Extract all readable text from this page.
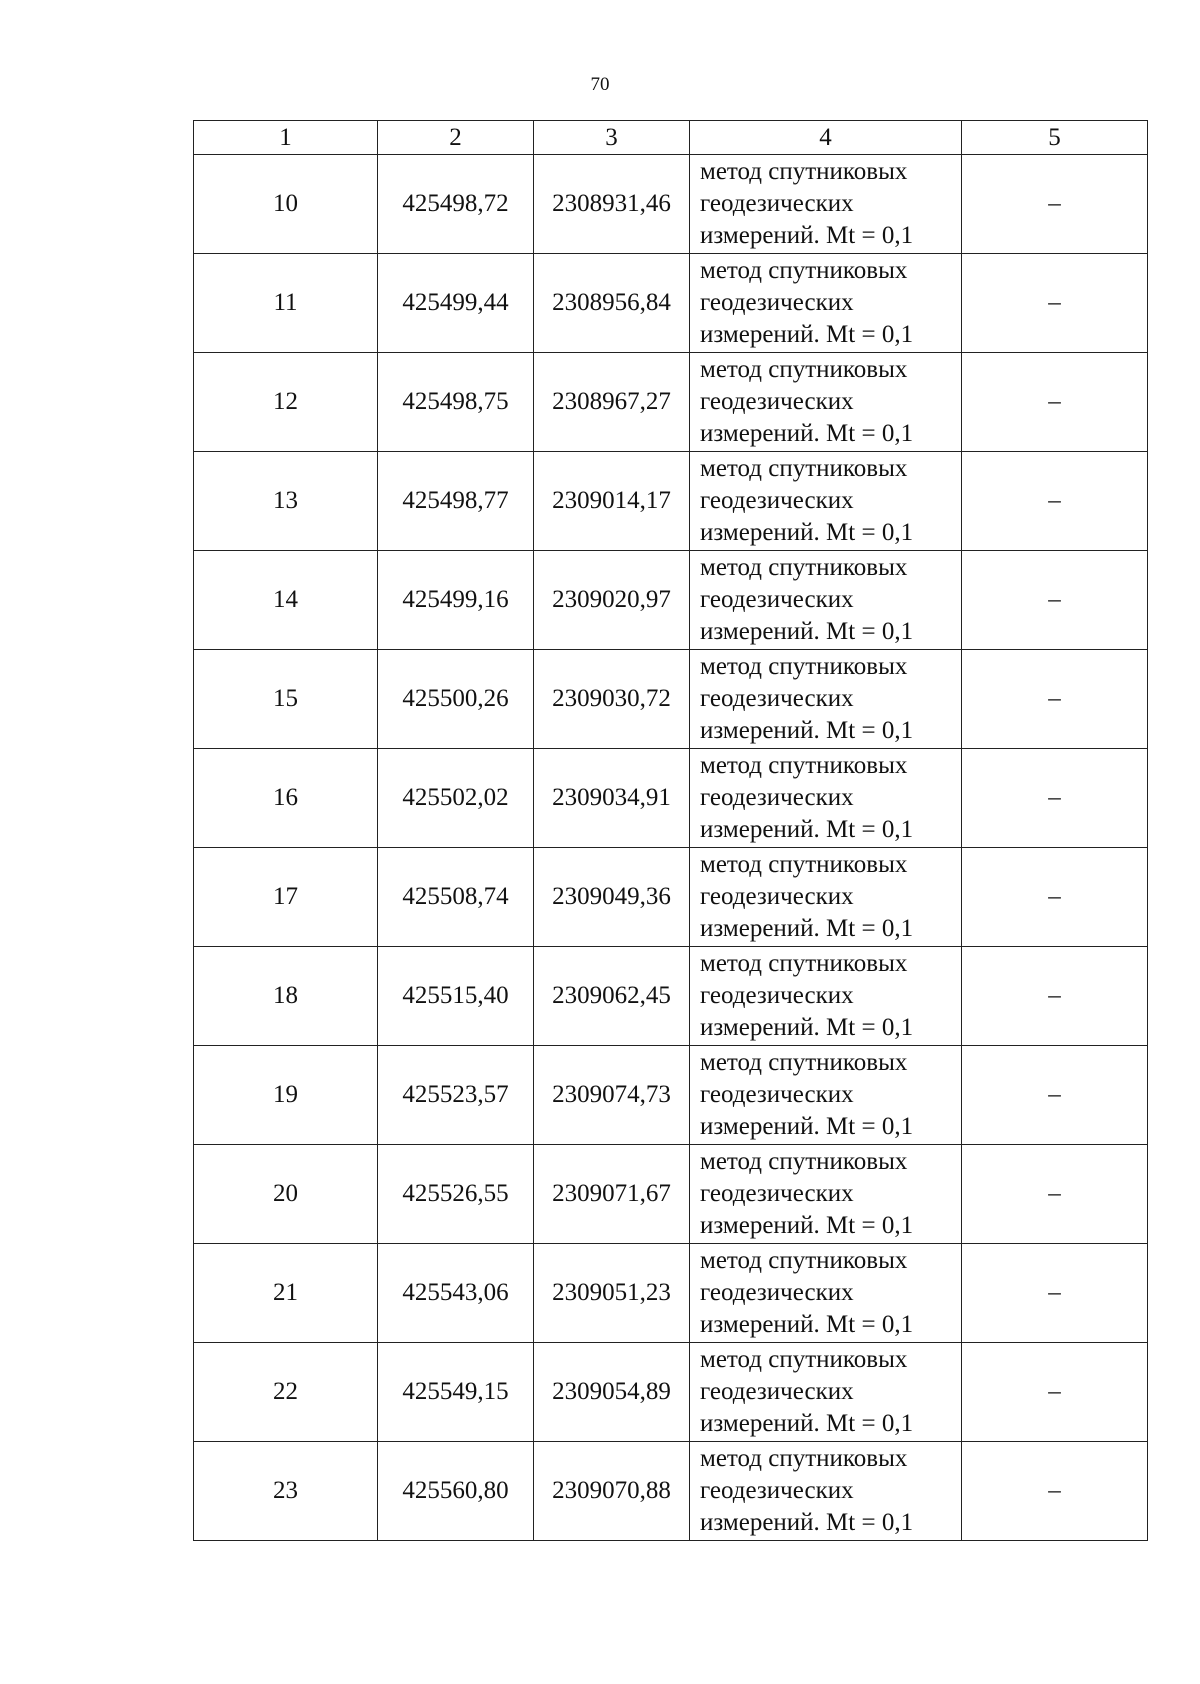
70
1	2	3	4	5
10	425498,72	2308931,46	метод спутниковых
геодезических
измерений. Mt = 0,1	–
11	425499,44	2308956,84	метод спутниковых
геодезических
измерений. Mt = 0,1	–
12	425498,75	2308967,27	метод спутниковых
геодезических
измерений. Mt = 0,1	–
13	425498,77	2309014,17	метод спутниковых
геодезических
измерений. Mt = 0,1	–
14	425499,16	2309020,97	метод спутниковых
геодезических
измерений. Mt = 0,1	–
15	425500,26	2309030,72	метод спутниковых
геодезических
измерений. Mt = 0,1	–
16	425502,02	2309034,91	метод спутниковых
геодезических
измерений. Mt = 0,1	–
17	425508,74	2309049,36	метод спутниковых
геодезических
измерений. Mt = 0,1	–
18	425515,40	2309062,45	метод спутниковых
геодезических
измерений. Mt = 0,1	–
19	425523,57	2309074,73	метод спутниковых
геодезических
измерений. Mt = 0,1	–
20	425526,55	2309071,67	метод спутниковых
геодезических
измерений. Mt = 0,1	–
21	425543,06	2309051,23	метод спутниковых
геодезических
измерений. Mt = 0,1	–
22	425549,15	2309054,89	метод спутниковых
геодезических
измерений. Mt = 0,1	–
23	425560,80	2309070,88	метод спутниковых
геодезических
измерений. Mt = 0,1	–
